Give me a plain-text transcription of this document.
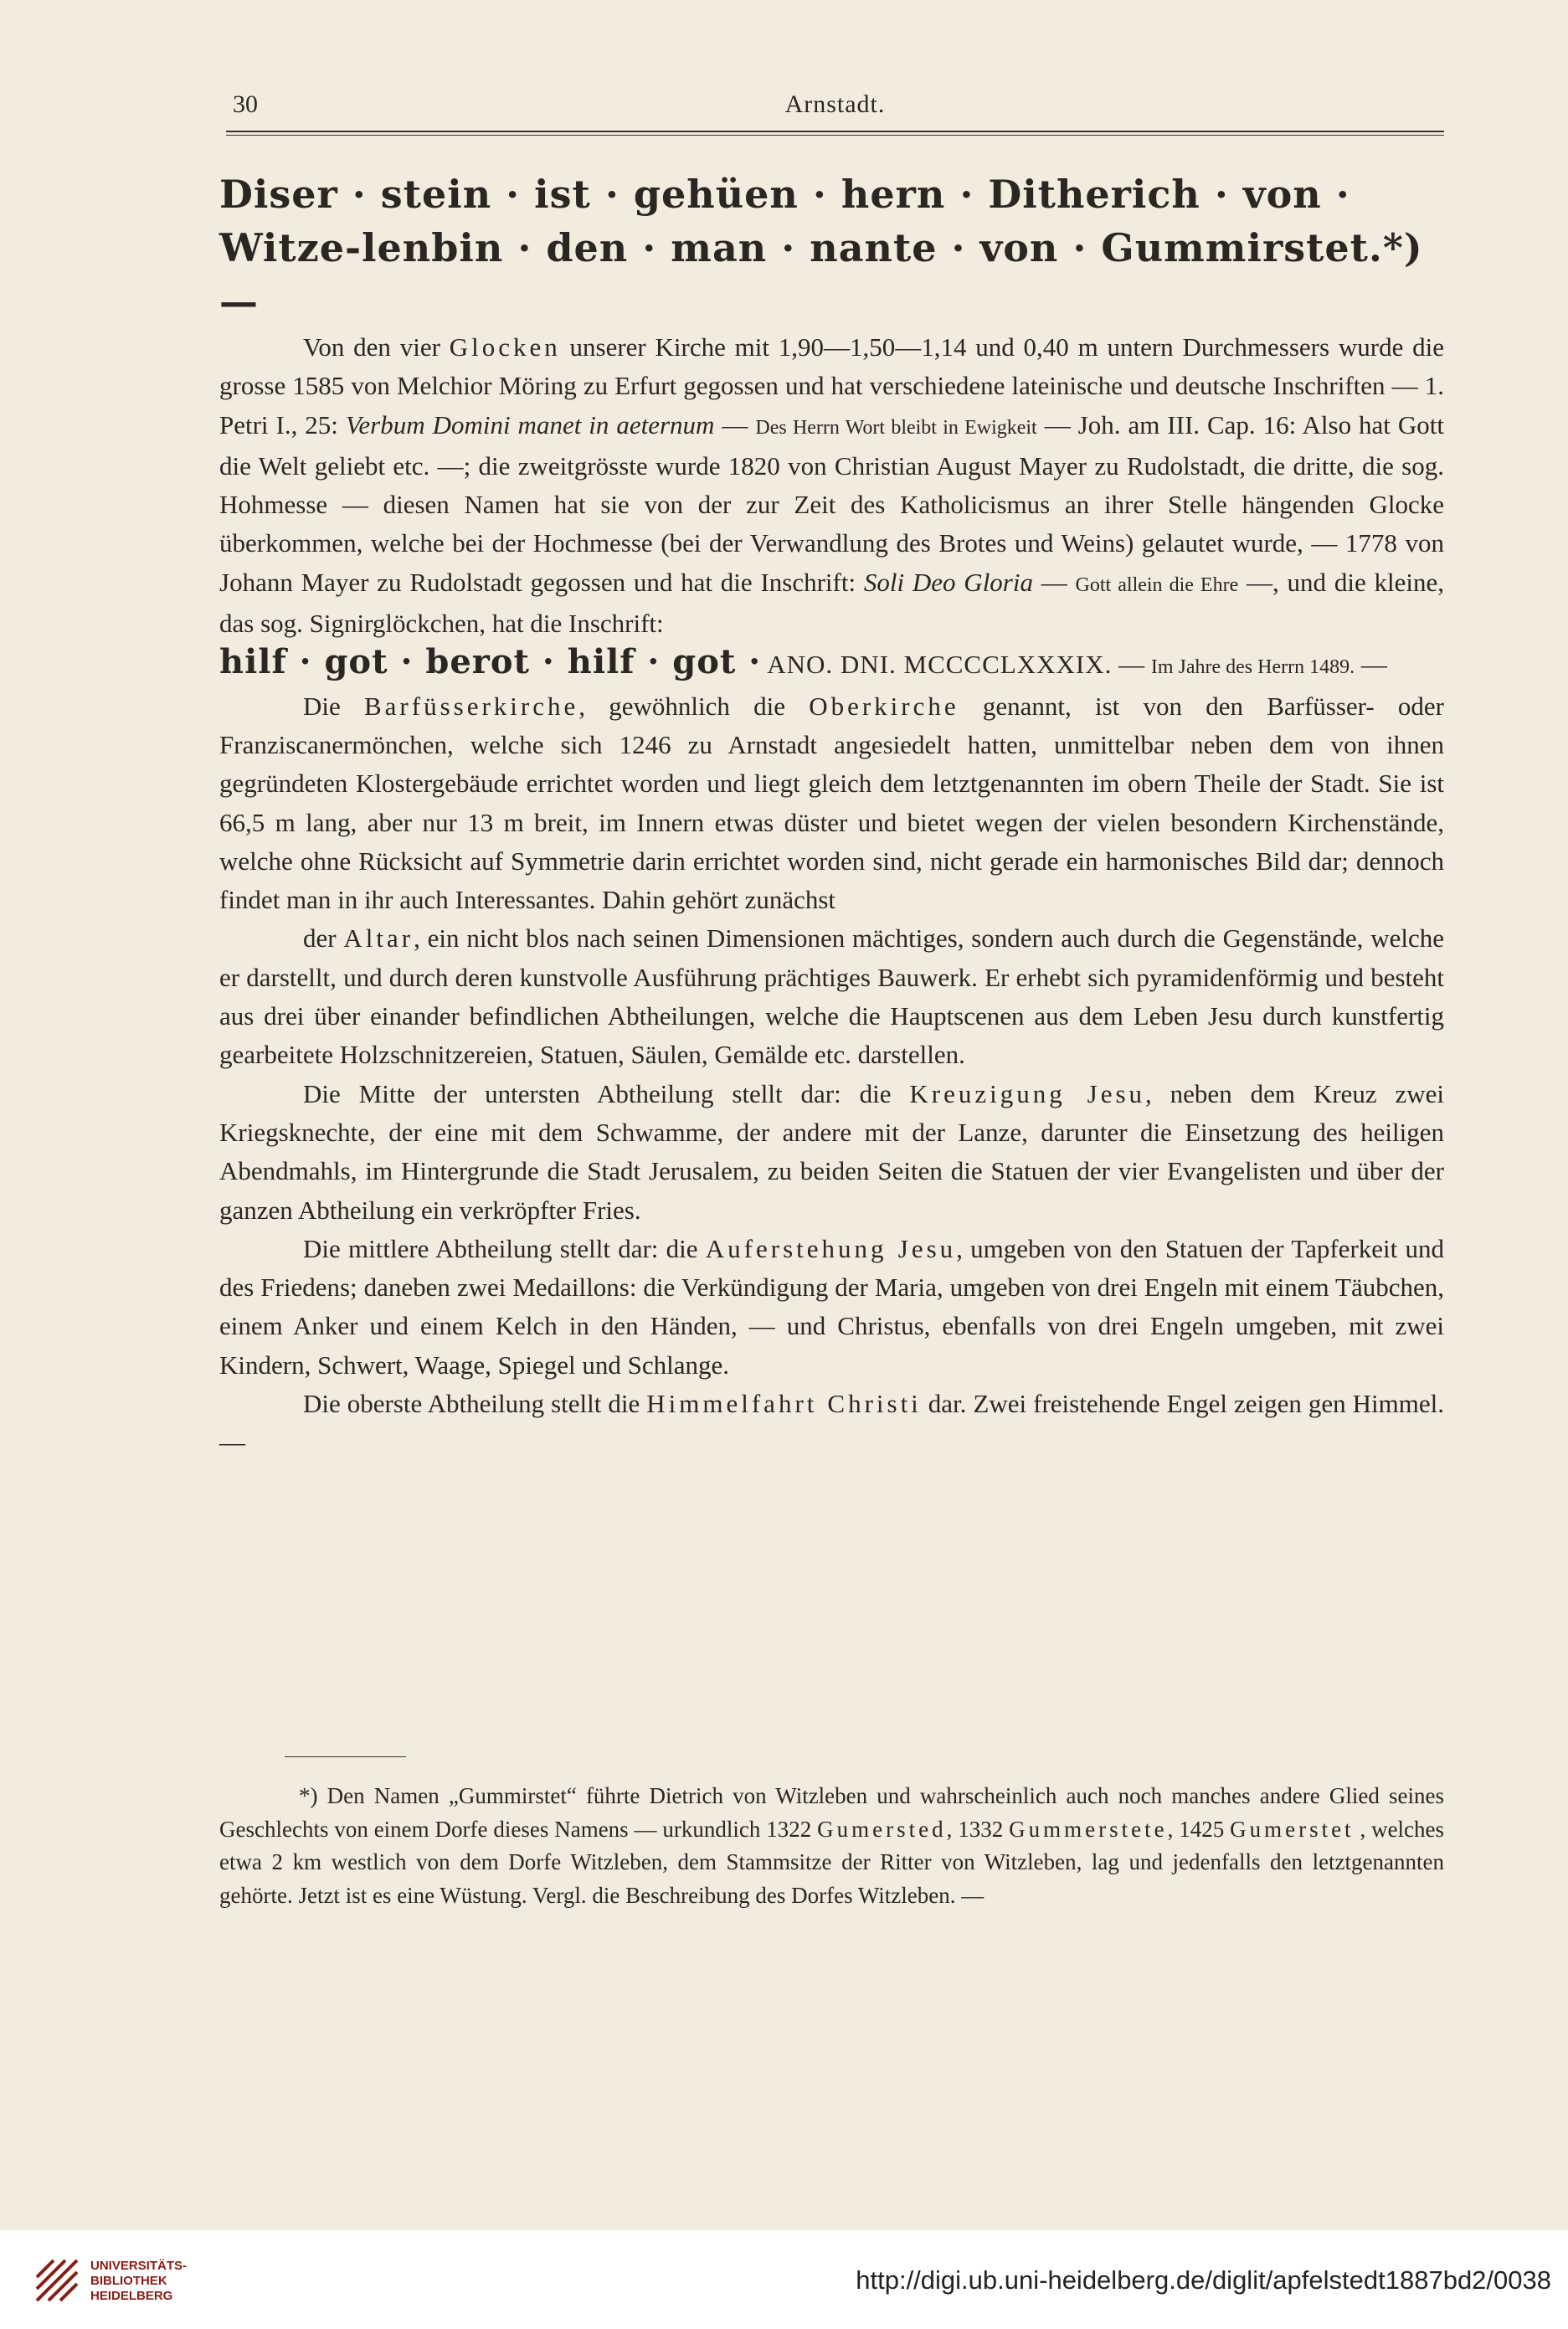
30	Arnstadt.

Diser · stein · ist · gehüen · hern · Ditherich · von · Witze-lenbin · den · man · nante · von · Gummirstet.*) —

Von den vier Glocken unserer Kirche mit 1,90—1,50—1,14 und 0,40 m untern Durchmessers wurde die grosse 1585 von Melchior Möring zu Erfurt gegossen und hat verschiedene lateinische und deutsche Inschriften — 1. Petri I., 25: Verbum Domini manet in aeternum — Des Herrn Wort bleibt in Ewigkeit — Joh. am III. Cap. 16: Also hat Gott die Welt geliebt etc. —; die zweitgrösste wurde 1820 von Christian August Mayer zu Rudolstadt, die dritte, die sog. Hohmesse — diesen Namen hat sie von der zur Zeit des Katholicismus an ihrer Stelle hängenden Glocke überkommen, welche bei der Hochmesse (bei der Verwandlung des Brotes und Weins) gelautet wurde, — 1778 von Johann Mayer zu Rudolstadt gegossen und hat die Inschrift: Soli Deo Gloria — Gott allein die Ehre —, und die kleine, das sog. Signirglöckchen, hat die Inschrift:
hilf · got · berot · hilf · got · ANO. DNI. MCCCCLXXXIX. — Im Jahre des Herrn 1489. —

Die Barfüsserkirche, gewöhnlich die Oberkirche genannt, ist von den Barfüsser- oder Franziscanermönchen, welche sich 1246 zu Arnstadt angesiedelt hatten, unmittelbar neben dem von ihnen gegründeten Klostergebäude errichtet worden und liegt gleich dem letztgenannten im obern Theile der Stadt. Sie ist 66,5 m lang, aber nur 13 m breit, im Innern etwas düster und bietet wegen der vielen besondern Kirchenstände, welche ohne Rücksicht auf Symmetrie darin errichtet worden sind, nicht gerade ein harmonisches Bild dar; dennoch findet man in ihr auch Interessantes. Dahin gehört zunächst

der Altar, ein nicht blos nach seinen Dimensionen mächtiges, sondern auch durch die Gegenstände, welche er darstellt, und durch deren kunstvolle Ausführung prächtiges Bauwerk. Er erhebt sich pyramidenförmig und besteht aus drei über einander befindlichen Abtheilungen, welche die Hauptscenen aus dem Leben Jesu durch kunstfertig gearbeitete Holzschnitzereien, Statuen, Säulen, Gemälde etc. darstellen.

Die Mitte der untersten Abtheilung stellt dar: die Kreuzigung Jesu, neben dem Kreuz zwei Kriegsknechte, der eine mit dem Schwamme, der andere mit der Lanze, darunter die Einsetzung des heiligen Abendmahls, im Hintergrunde die Stadt Jerusalem, zu beiden Seiten die Statuen der vier Evangelisten und über der ganzen Abtheilung ein verkröpfter Fries.

Die mittlere Abtheilung stellt dar: die Auferstehung Jesu, umgeben von den Statuen der Tapferkeit und des Friedens; daneben zwei Medaillons: die Verkündigung der Maria, umgeben von drei Engeln mit einem Täubchen, einem Anker und einem Kelch in den Händen, — und Christus, ebenfalls von drei Engeln umgeben, mit zwei Kindern, Schwert, Waage, Spiegel und Schlange.

Die oberste Abtheilung stellt die Himmelfahrt Christi dar. Zwei freistehende Engel zeigen gen Himmel. —

*) Den Namen „Gummirstet“ führte Dietrich von Witzleben und wahrscheinlich auch noch manches andere Glied seines Geschlechts von einem Dorfe dieses Namens — urkundlich 1322 Gumersted, 1332 Gummerstete, 1425 Gumerstet , welches etwa 2 km westlich von dem Dorfe Witzleben, dem Stammsitze der Ritter von Witzleben, lag und jedenfalls den letztgenannten gehörte. Jetzt ist es eine Wüstung. Vergl. die Beschreibung des Dorfes Witzleben. —

UNIVERSITÄTS-
BIBLIOTHEK
HEIDELBERG
http://digi.ub.uni-heidelberg.de/diglit/apfelstedt1887bd2/0038
